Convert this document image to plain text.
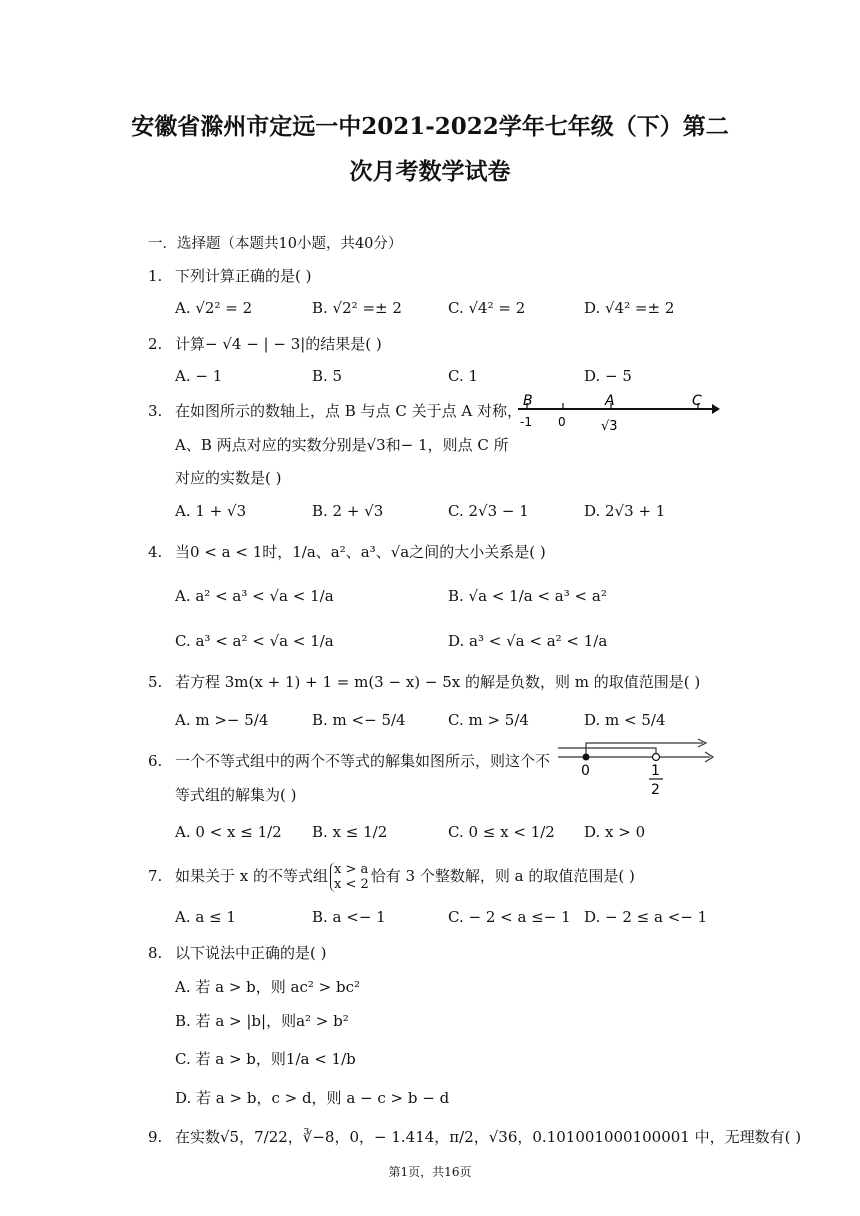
安徽省滁州市定远一中2021-2022学年七年级（下）第二
次月考数学试卷
一．选择题（本题共10小题，共40分）
1. 下列计算正确的是( )
A. √2² = 2	B. √2² =± 2	C. √4² = 2	D. √4² =± 2
2. 计算− √4 − | − 3|的结果是( )
A. − 1	B. 5	C. 1	D. − 5
3. 在如图所示的数轴上，点 B 与点 C 关于点 A 对称，
A、B 两点对应的实数分别是√3和− 1，则点 C 所
对应的实数是( )
B	A	C
-1 0	√3
A. 1 + √3	B. 2 + √3	C. 2√3 − 1	D. 2√3 + 1
4. 当0 < a < 1时，1/a、a²、a³、√a之间的大小关系是( )
A. a² < a³ < √a < 1/a	B. √a < 1/a < a³ < a²
C. a³ < a² < √a < 1/a	D. a³ < √a < a² < 1/a
5. 若方程 3m(x + 1) + 1 = m(3 − x) − 5x 的解是负数，则 m 的取值范围是( )
A. m >− 5/4	B. m <− 5/4	C. m > 5/4	D. m < 5/4
6. 一个不等式组中的两个不等式的解集如图所示，则这个不
等式组的解集为( )
0	1
2
A. 0 < x ≤ 1/2 B. x ≤ 1/2	C. 0 ≤ x < 1/2 D. x > 0
7. 如果关于 x 的不等式组 x > a
x < 2 恰有 3 个整数解，则 a 的取值范围是( )
A. a ≤ 1	B. a <− 1	C. − 2 < a ≤− 1 D. − 2 ≤ a <− 1
8. 以下说法中正确的是( )
A. 若 a > b，则 ac² > bc²
B. 若 a > |b|，则a² > b²
C. 若 a > b，则1/a < 1/b
D. 若 a > b，c > d，则 a − c > b − d
9. 在实数√5，7/22，∛−8，0，− 1.414，π/2，√36，0.101001000100001 中，无理数有( )
第1页，共16页
